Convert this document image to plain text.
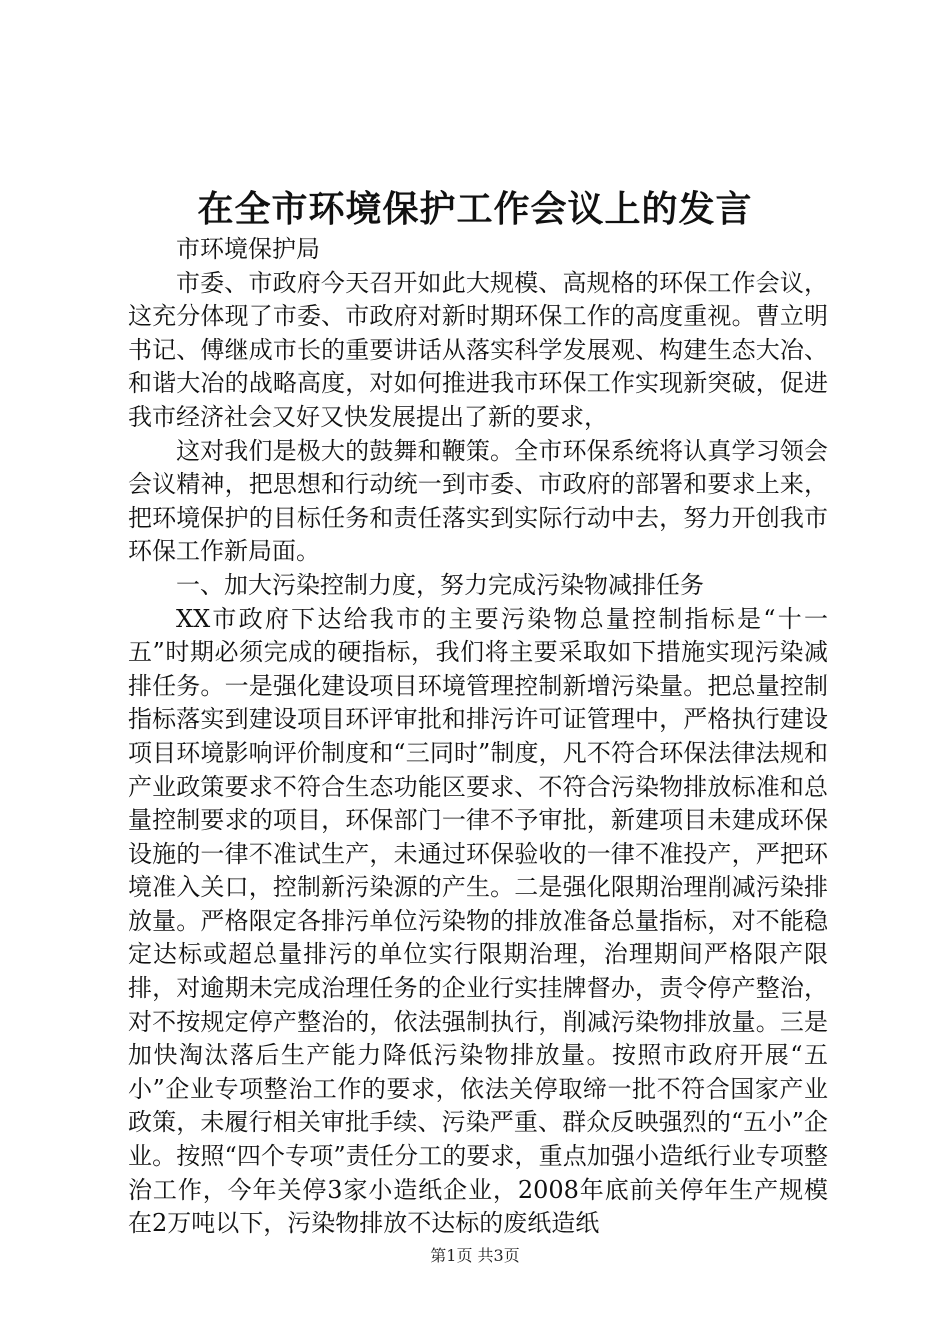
在全市环境保护工作会议上的发言

市环境保护局

市委、市政府今天召开如此大规模、高规格的环保工作会议，这充分体现了市委、市政府对新时期环保工作的高度重视。曹立明书记、傅继成市长的重要讲话从落实科学发展观、构建生态大冶、和谐大冶的战略高度，对如何推进我市环保工作实现新突破，促进我市经济社会又好又快发展提出了新的要求，

这对我们是极大的鼓舞和鞭策。全市环保系统将认真学习领会会议精神，把思想和行动统一到市委、市政府的部署和要求上来，把环境保护的目标任务和责任落实到实际行动中去，努力开创我市环保工作新局面。

一、加大污染控制力度，努力完成污染物减排任务

XX市政府下达给我市的主要污染物总量控制指标是“十一五”时期必须完成的硬指标，我们将主要采取如下措施实现污染减排任务。一是强化建设项目环境管理控制新增污染量。把总量控制指标落实到建设项目环评审批和排污许可证管理中，严格执行建设项目环境影响评价制度和“三同时”制度，凡不符合环保法律法规和产业政策要求不符合生态功能区要求、不符合污染物排放标准和总量控制要求的项目，环保部门一律不予审批，新建项目未建成环保设施的一律不准试生产，未通过环保验收的一律不准投产，严把环境准入关口，控制新污染源的产生。二是强化限期治理削减污染排放量。严格限定各排污单位污染物的排放准备总量指标，对不能稳定达标或超总量排污的单位实行限期治理，治理期间严格限产限排，对逾期未完成治理任务的企业行实挂牌督办，责令停产整治，对不按规定停产整治的，依法强制执行，削减污染物排放量。三是加快淘汰落后生产能力降低污染物排放量。按照市政府开展“五小”企业专项整治工作的要求，依法关停取缔一批不符合国家产业政策，未履行相关审批手续、污染严重、群众反映强烈的“五小”企业。按照“四个专项”责任分工的要求，重点加强小造纸行业专项整治工作，今年关停3家小造纸企业，2008年底前关停年生产规模在2万吨以下，污染物排放不达标的废纸造纸

第1页 共3页
